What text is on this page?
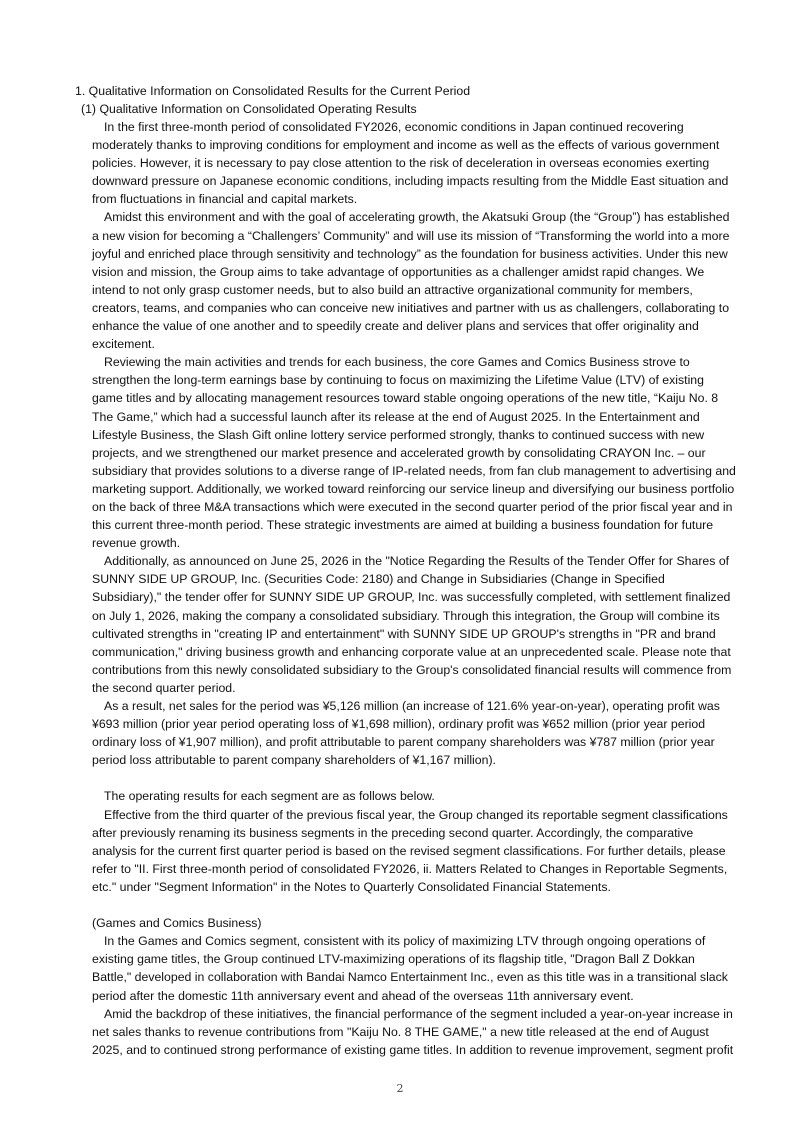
1. Qualitative Information on Consolidated Results for the Current Period
(1) Qualitative Information on Consolidated Operating Results

In the first three-month period of consolidated FY2026, economic conditions in Japan continued recovering moderately thanks to improving conditions for employment and income as well as the effects of various government policies. However, it is necessary to pay close attention to the risk of deceleration in overseas economies exerting downward pressure on Japanese economic conditions, including impacts resulting from the Middle East situation and from fluctuations in financial and capital markets.

Amidst this environment and with the goal of accelerating growth, the Akatsuki Group (the “Group”) has established a new vision for becoming a “Challengers’ Community” and will use its mission of “Transforming the world into a more joyful and enriched place through sensitivity and technology” as the foundation for business activities. Under this new vision and mission, the Group aims to take advantage of opportunities as a challenger amidst rapid changes. We intend to not only grasp customer needs, but to also build an attractive organizational community for members, creators, teams, and companies who can conceive new initiatives and partner with us as challengers, collaborating to enhance the value of one another and to speedily create and deliver plans and services that offer originality and excitement.

Reviewing the main activities and trends for each business, the core Games and Comics Business strove to strengthen the long-term earnings base by continuing to focus on maximizing the Lifetime Value (LTV) of existing game titles and by allocating management resources toward stable ongoing operations of the new title, “Kaiju No. 8 The Game,” which had a successful launch after its release at the end of August 2025. In the Entertainment and Lifestyle Business, the Slash Gift online lottery service performed strongly, thanks to continued success with new projects, and we strengthened our market presence and accelerated growth by consolidating CRAYON Inc. – our subsidiary that provides solutions to a diverse range of IP-related needs, from fan club management to advertising and marketing support. Additionally, we worked toward reinforcing our service lineup and diversifying our business portfolio on the back of three M&A transactions which were executed in the second quarter period of the prior fiscal year and in this current three-month period. These strategic investments are aimed at building a business foundation for future revenue growth.

Additionally, as announced on June 25, 2026 in the "Notice Regarding the Results of the Tender Offer for Shares of SUNNY SIDE UP GROUP, Inc. (Securities Code: 2180) and Change in Subsidiaries (Change in Specified Subsidiary)," the tender offer for SUNNY SIDE UP GROUP, Inc. was successfully completed, with settlement finalized on July 1, 2026, making the company a consolidated subsidiary. Through this integration, the Group will combine its cultivated strengths in "creating IP and entertainment" with SUNNY SIDE UP GROUP's strengths in "PR and brand communication," driving business growth and enhancing corporate value at an unprecedented scale. Please note that contributions from this newly consolidated subsidiary to the Group's consolidated financial results will commence from the second quarter period.

As a result, net sales for the period was ¥5,126 million (an increase of 121.6% year-on-year), operating profit was ¥693 million (prior year period operating loss of ¥1,698 million), ordinary profit was ¥652 million (prior year period ordinary loss of ¥1,907 million), and profit attributable to parent company shareholders was ¥787 million (prior year period loss attributable to parent company shareholders of ¥1,167 million).

The operating results for each segment are as follows below.

Effective from the third quarter of the previous fiscal year, the Group changed its reportable segment classifications after previously renaming its business segments in the preceding second quarter. Accordingly, the comparative analysis for the current first quarter period is based on the revised segment classifications. For further details, please refer to "II. First three-month period of consolidated FY2026, ii. Matters Related to Changes in Reportable Segments, etc." under "Segment Information" in the Notes to Quarterly Consolidated Financial Statements.

(Games and Comics Business)

In the Games and Comics segment, consistent with its policy of maximizing LTV through ongoing operations of existing game titles, the Group continued LTV-maximizing operations of its flagship title, "Dragon Ball Z Dokkan Battle," developed in collaboration with Bandai Namco Entertainment Inc., even as this title was in a transitional slack period after the domestic 11th anniversary event and ahead of the overseas 11th anniversary event.

Amid the backdrop of these initiatives, the financial performance of the segment included a year-on-year increase in net sales thanks to revenue contributions from "Kaiju No. 8 THE GAME," a new title released at the end of August 2025, and to continued strong performance of existing game titles. In addition to revenue improvement, segment profit

2
